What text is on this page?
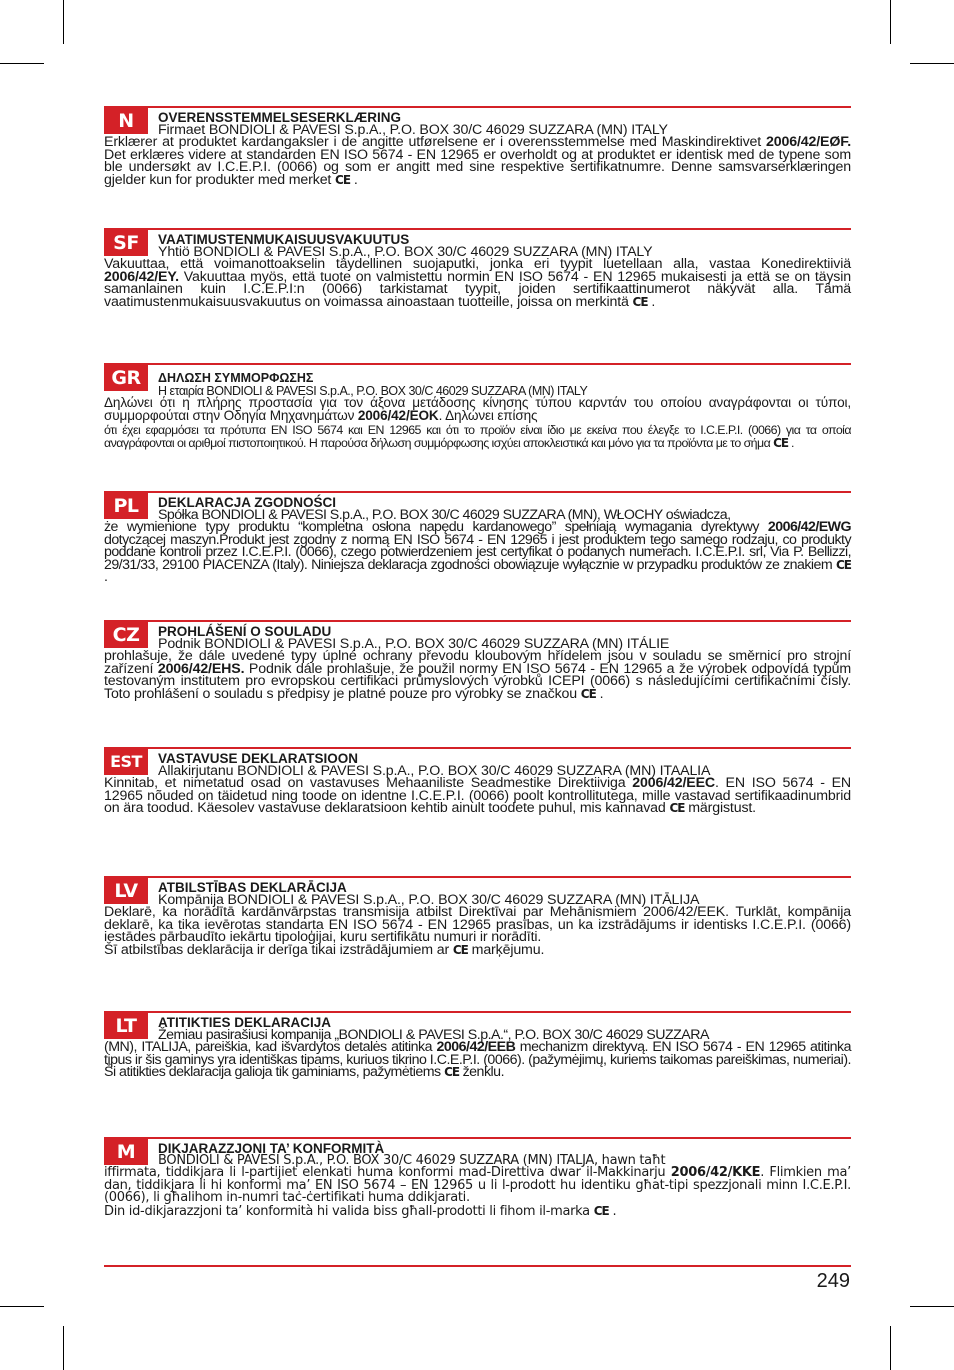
N	OVERENSSTEMMELSESERKLÆRING
Firmaet BONDIOLI & PAVESI S.p.A., P.O. BOX 30/C 46029 SUZZARA (MN) ITALY
Erklærer at produktet kardangaksler i de angitte utførelsene er i overensstemmelse med Maskindirektivet 2006/42/EØF. Det erklæres videre at standarden EN ISO 5674 - EN 12965 er overholdt og at produktet er identisk med de typene som ble undersøkt av I.C.E.P.I. (0066) og som er angitt med sine respektive sertifikatnumre. Denne samsvarserklæringen gjelder kun for produkter med merket CE .
SF	VAATIMUSTENMUKAISUUSVAKUUTUS
Yhtiö BONDIOLI & PAVESI S.p.A., P.O. BOX 30/C 46029 SUZZARA (MN) ITALY
Vakuuttaa, että voimanottoakselin täydellinen suojaputki, jonka eri tyypit luetellaan alla, vastaa Konedirektiiviä 2006/42/EY. Vakuuttaa myös, että tuote on valmistettu normin EN ISO 5674 - EN 12965 mukaisesti ja että se on täysin samanlainen kuin I.C.E.P.I:n (0066) tarkistamat tyypit, joiden sertifikaattinumerot näkyvät alla. Tämä vaatimustenmukaisuusvakuutus on voimassa ainoastaan tuotteille, joissa on merkintä CE .
GR	ΔΗΛΩΣΗ ΣΥΜΜΟΡΦΩΣΗΣ
Η εταιρία BONDIOLI & PAVESI S.p.A., P.O. BOX 30/C 46029 SUZZARA (MN) ITALY
Δηλώνει ότι η πλήρης προστασία για τον άξονα μετάδοσης κίνησης τύπου καρντάν του οποίου αναγράφονται οι τύποι, συμμορφούται στην Οδηγία Μηχανημάτων 2006/42/ΕΟΚ. Δηλώνει επίσης
ότι έχει εφαρμόσει τα πρότυπα EN ISO 5674 και EN 12965 και ότι το προϊόν είναι ίδιο με εκείνα που έλεγξε το I.C.E.P.I. (0066) για τα οποία αναγράφονται οι αριθμοί πιστοποιητικού. Η παρούσα δήλωση συμμόρφωσης ισχύει αποκλειστικά και μόνο για τα προϊόντα με το σήμα CE .
PL	DEKLARACJA ZGODNOŚCI
Spółka BONDIOLI & PAVESI S.p.A., P.O. BOX 30/C 46029 SUZZARA (MN), WŁOCHY oświadcza,
że wymienione typy produktu “kompletna osłona napędu kardanowego” spełniają wymagania dyrektywy 2006/42/EWG dotyczącej maszyn.Produkt jest zgodny z normą EN ISO 5674 - EN 12965 i jest produktem tego samego rodzaju, co produkty poddane kontroli przez I.C.E.P.I. (0066), czego potwierdzeniem jest certyfikat o podanych numerach. I.C.E.P.I. srl, Via P. Bellizzi, 29/31/33, 29100 PIACENZA (Italy). Niniejsza deklaracja zgodności obowiązuje wyłącznie w przypadku produktów ze znakiem CE .
CZ	PROHLÁŠENÍ O SOULADU
Podnik BONDIOLI & PAVESI S.p.A., P.O. BOX 30/C 46029 SUZZARA (MN) ITÁLIE
prohlašuje, že dále uvedené typy úplné ochrany převodu kloubovým hřídelem jsou v souladu se směrnicí pro strojní zařízení 2006/42/EHS. Podnik dále prohlašuje, že použil normy EN ISO 5674 - EN 12965 a že výrobek odpovídá typům testovaným institutem pro evropskou certifikaci průmyslových výrobků ICEPI (0066) s následujícími certifikačními čísly. Toto prohlášení o souladu s předpisy je platné pouze pro výrobky se značkou CE .
EST	VASTAVUSE DEKLARATSIOON
Allakirjutanu BONDIOLI & PAVESI S.p.A., P.O. BOX 30/C 46029 SUZZARA (MN) ITAALIA
Kinnitab, et nimetatud osad on vastavuses Mehaaniliste Seadmestike Direktiiviga 2006/42/EEC. EN ISO 5674 - EN 12965 nõuded on täidetud ning toode on identne I.C.E.P.I. (0066) poolt kontrollitutega, mille vastavad sertifikaadinumbrid on ära toodud. Käesolev vastavuse deklaratsioon kehtib ainult toodete puhul, mis kannavad CE märgistust.
LV	ATBILSTĪBAS DEKLARĀCIJA
Kompānija BONDIOLI & PAVESI S.p.A., P.O. BOX 30/C 46029 SUZZARA (MN) ITĀLIJA
Deklarē, ka norādītā kardānvārpstas transmisija atbilst Direktīvai par Mehānismiem 2006/42/EEK. Turklāt, kompānija deklarē, ka tika ievērotas standarta EN ISO 5674 - EN 12965 prasības, un ka izstrādājums ir identisks I.C.E.P.I. (0066) iestādes pārbaudīto iekārtu tipoloģijai, kuru sertifikātu numuri ir norādīti.
Šī atbilstības deklarācija ir derīga tikai izstrādājumiem ar CE marķējumu.
LT	ATITIKTIES DEKLARACIJA
Žemiau pasirašiusi kompanija „BONDIOLI & PAVESI S.p.A.“, P.O. BOX 30/C 46029 SUZZARA
(MN), ITALIJA, pareiškia, kad išvardytos detalės atitinka 2006/42/EEB mechanizm direktyvą. EN ISO 5674 - EN 12965 atitinka tipus ir šis gaminys yra identiškas tipams, kuriuos tikrino I.C.E.P.I. (0066). (pažymėjimų, kuriems taikomas pareiškimas, numeriai). Ši atitikties deklaracija galioja tik gaminiams, pažymėtiems CE ženklu.
M	DIKJARAZZJONI TA’ KONFORMITÀ
BONDIOLI & PAVESI S.p.A., P.O. BOX 30/C 46029 SUZZARA (MN) ITALJA, hawn taħt
iffirmata, tiddikjara li l-partijiet elenkati huma konformi mad-Direttiva dwar il-Makkinarju 2006/42/KKE. Flimkien ma’ dan, tiddikjara li hi konformi ma’ EN ISO 5674 – EN 12965 u li l-prodott hu identiku għat-tipi spezzjonali minn I.C.E.P.I. (0066), li għalihom in-numri taċ-ċertifikati huma ddikjarati.
Din id-dikjarazzjoni ta’ konformità hi valida biss għall-prodotti li fihom il-marka CE .
249
